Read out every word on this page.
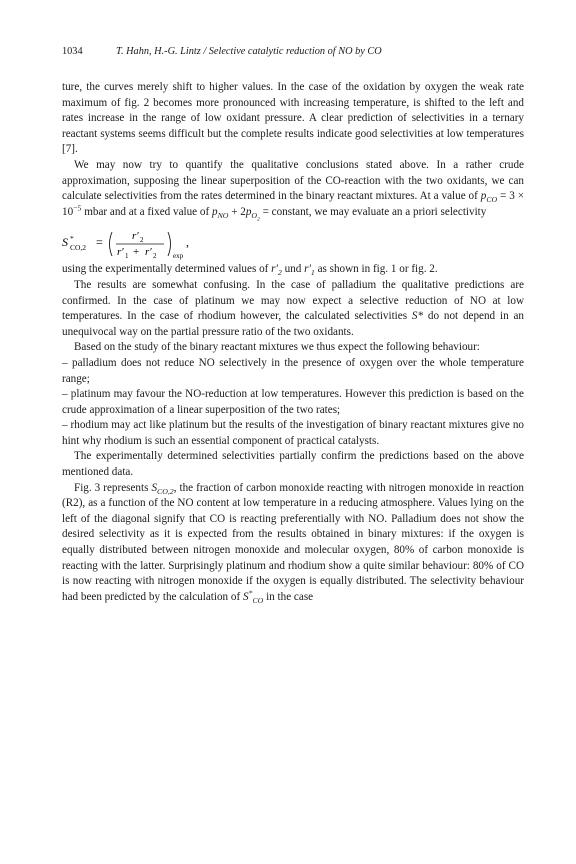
1034	T. Hahn, H.-G. Lintz / Selective catalytic reduction of NO by CO

ture, the curves merely shift to higher values. In the case of the oxidation by oxygen the weak rate maximum of fig. 2 becomes more pronounced with increasing temperature, is shifted to the left and rates increase in the range of low oxidant pressure. A clear prediction of selectivities in a ternary reactant systems seems difficult but the complete results indicate good selectivities at low temperatures [7].

We may now try to quantify the qualitative conclusions stated above. In a rather crude approximation, supposing the linear superposition of the CO-reaction with the two oxidants, we can calculate selectivities from the rates determined in the binary reactant mixtures. At a value of $p_{CO} = 3 \times 10^{-5}$ mbar and at a fixed value of $p_{NO} + 2p_{O_2}$ = constant, we may evaluate an a priori selectivity

S *
CO,2 =	r′ 2
r′ 1 + r′ 2 exp
,

using the experimentally determined values of $r'_2$ und $r'_1$ as shown in fig. 1 or fig. 2.

The results are somewhat confusing. In the case of palladium the qualitative predictions are confirmed. In the case of platinum we may now expect a selective reduction of NO at low temperatures. In the case of rhodium however, the calculated selectivities S* do not depend in an unequivocal way on the partial pressure ratio of the two oxidants.

Based on the study of the binary reactant mixtures we thus expect the following behaviour:

– palladium does not reduce NO selectively in the presence of oxygen over the whole temperature range;

– platinum may favour the NO-reduction at low temperatures. However this prediction is based on the crude approximation of a linear superposition of the two rates;

– rhodium may act like platinum but the results of the investigation of binary reactant mixtures give no hint why rhodium is such an essential component of practical catalysts.

The experimentally determined selectivities partially confirm the predictions based on the above mentioned data.

Fig. 3 represents $S_{CO,2}$, the fraction of carbon monoxide reacting with nitrogen monoxide in reaction (R2), as a function of the NO content at low temperature in a reducing atmosphere. Values lying on the left of the diagonal signify that CO is reacting preferentially with NO. Palladium does not show the desired selectivity as it is expected from the results obtained in binary mixtures: if the oxygen is equally distributed between nitrogen monoxide and molecular oxygen, 80% of carbon monoxide is reacting with the latter. Surprisingly platinum and rhodium show a quite similar behaviour: 80% of CO is now reacting with nitrogen monoxide if the oxygen is equally distributed. The selectivity behaviour had been predicted by the calculation of $S^*_{CO}$ in the case
